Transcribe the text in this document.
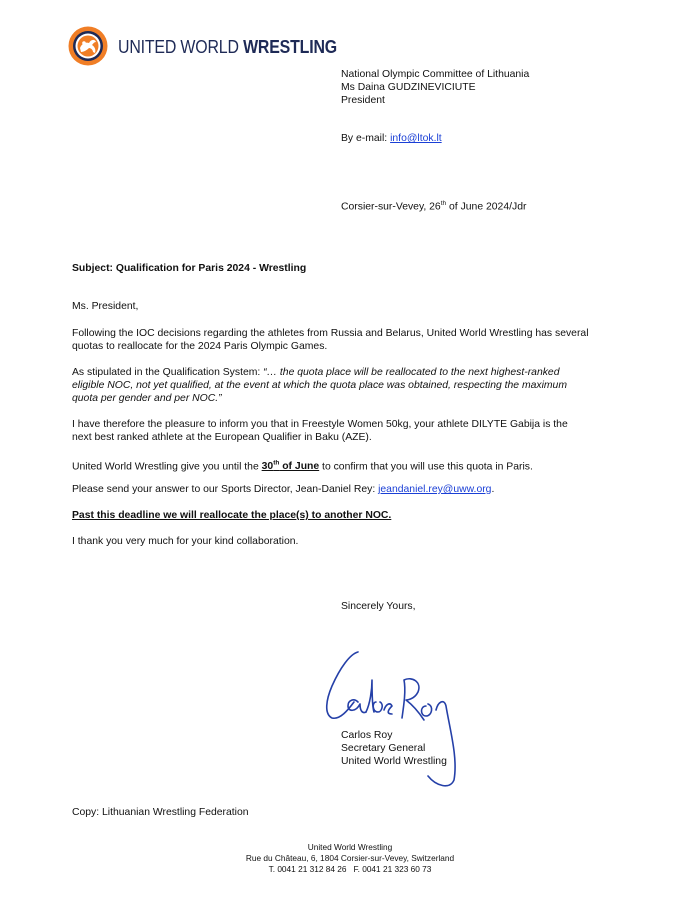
UNITED WORLD WRESTLING
National Olympic Committee of Lithuania
Ms Daina GUDZINEVICIUTE
President
By e-mail: info@ltok.lt
Corsier-sur-Vevey, 26th of June 2024/Jdr
Subject: Qualification for Paris 2024 - Wrestling
Ms. President,
Following the IOC decisions regarding the athletes from Russia and Belarus, United World Wrestling has several
quotas to reallocate for the 2024 Paris Olympic Games.
As stipulated in the Qualification System: “… the quota place will be reallocated to the next highest-ranked
eligible NOC, not yet qualified, at the event at which the quota place was obtained, respecting the maximum
quota per gender and per NOC.”
I have therefore the pleasure to inform you that in Freestyle Women 50kg, your athlete DILYTE Gabija is the
next best ranked athlete at the European Qualifier in Baku (AZE).
United World Wrestling give you until the 30th of June to confirm that you will use this quota in Paris.
Please send your answer to our Sports Director, Jean-Daniel Rey: jeandaniel.rey@uww.org.
Past this deadline we will reallocate the place(s) to another NOC.
I thank you very much for your kind collaboration.
Sincerely Yours,
Carlos Roy
Secretary General
United World Wrestling
Copy: Lithuanian Wrestling Federation
United World Wrestling
Rue du Château, 6, 1804 Corsier-sur-Vevey, Switzerland
T. 0041 21 312 84 26   F. 0041 21 323 60 73
